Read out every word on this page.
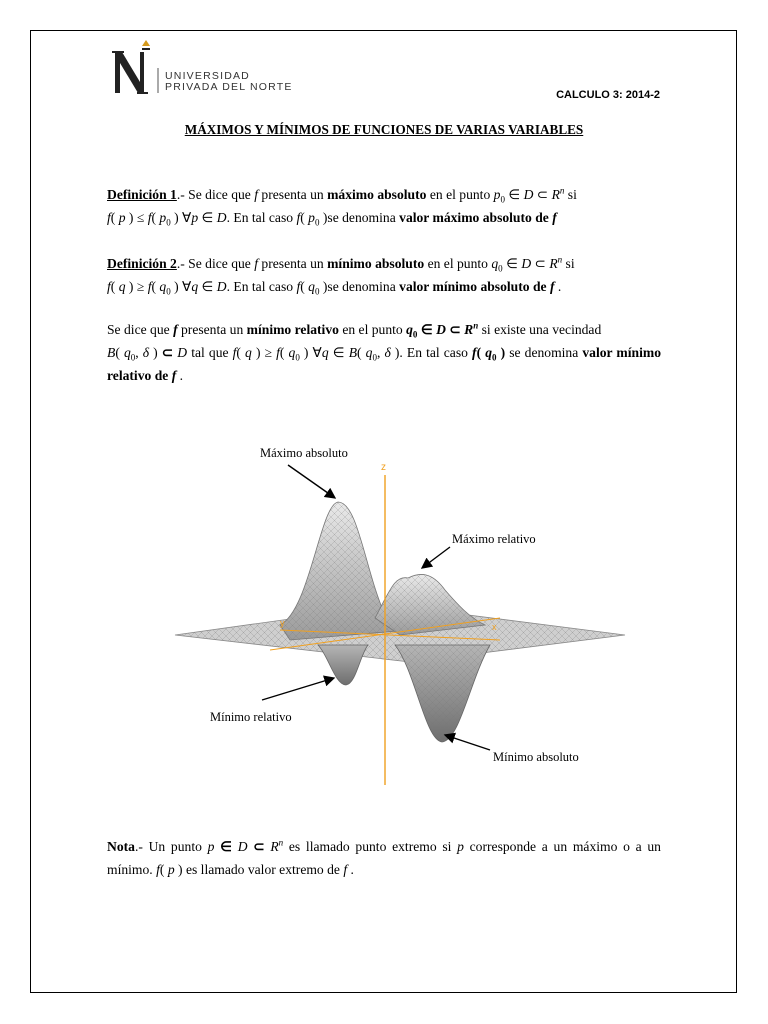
UNIVERSIDAD
PRIVADA DEL NORTE
CALCULO 3: 2014-2
MÁXIMOS Y MÍNIMOS DE FUNCIONES DE VARIAS VARIABLES
Definición 1.- Se dice que f presenta un máximo absoluto en el punto $p_0$ ∈ D ⊂ $R^n$ si
f( p ) ≤ f( $p_0$ ) ∀p ∈ D. En tal caso f( $p_0$ )se denomina valor máximo absoluto de f
Definición 2.- Se dice que f presenta un mínimo absoluto en el punto $q_0$ ∈ D ⊂ $R^n$ si
f( q ) ≥ f( $q_0$ ) ∀q ∈ D. En tal caso f( $q_0$ )se denomina valor mínimo absoluto de f .
Se dice que f presenta un mínimo relativo en el punto $q_0$ ∈ D ⊂ $R^n$ si existe una vecindad
B( $q_0$, δ ) ⊂ D tal que f( q ) ≥ f( $q_0$ ) ∀q ∈ B( $q_0$, δ ). En tal caso f( $q_0$ ) se denomina valor mínimo relativo de f .
z
x
y
Máximo absoluto
Máximo relativo
Mínimo relativo
Mínimo absoluto
Nota.- Un punto p ∈ D ⊂ $R^n$ es llamado punto extremo si p corresponde a un máximo o a un mínimo. f( p ) es llamado valor extremo de f .
